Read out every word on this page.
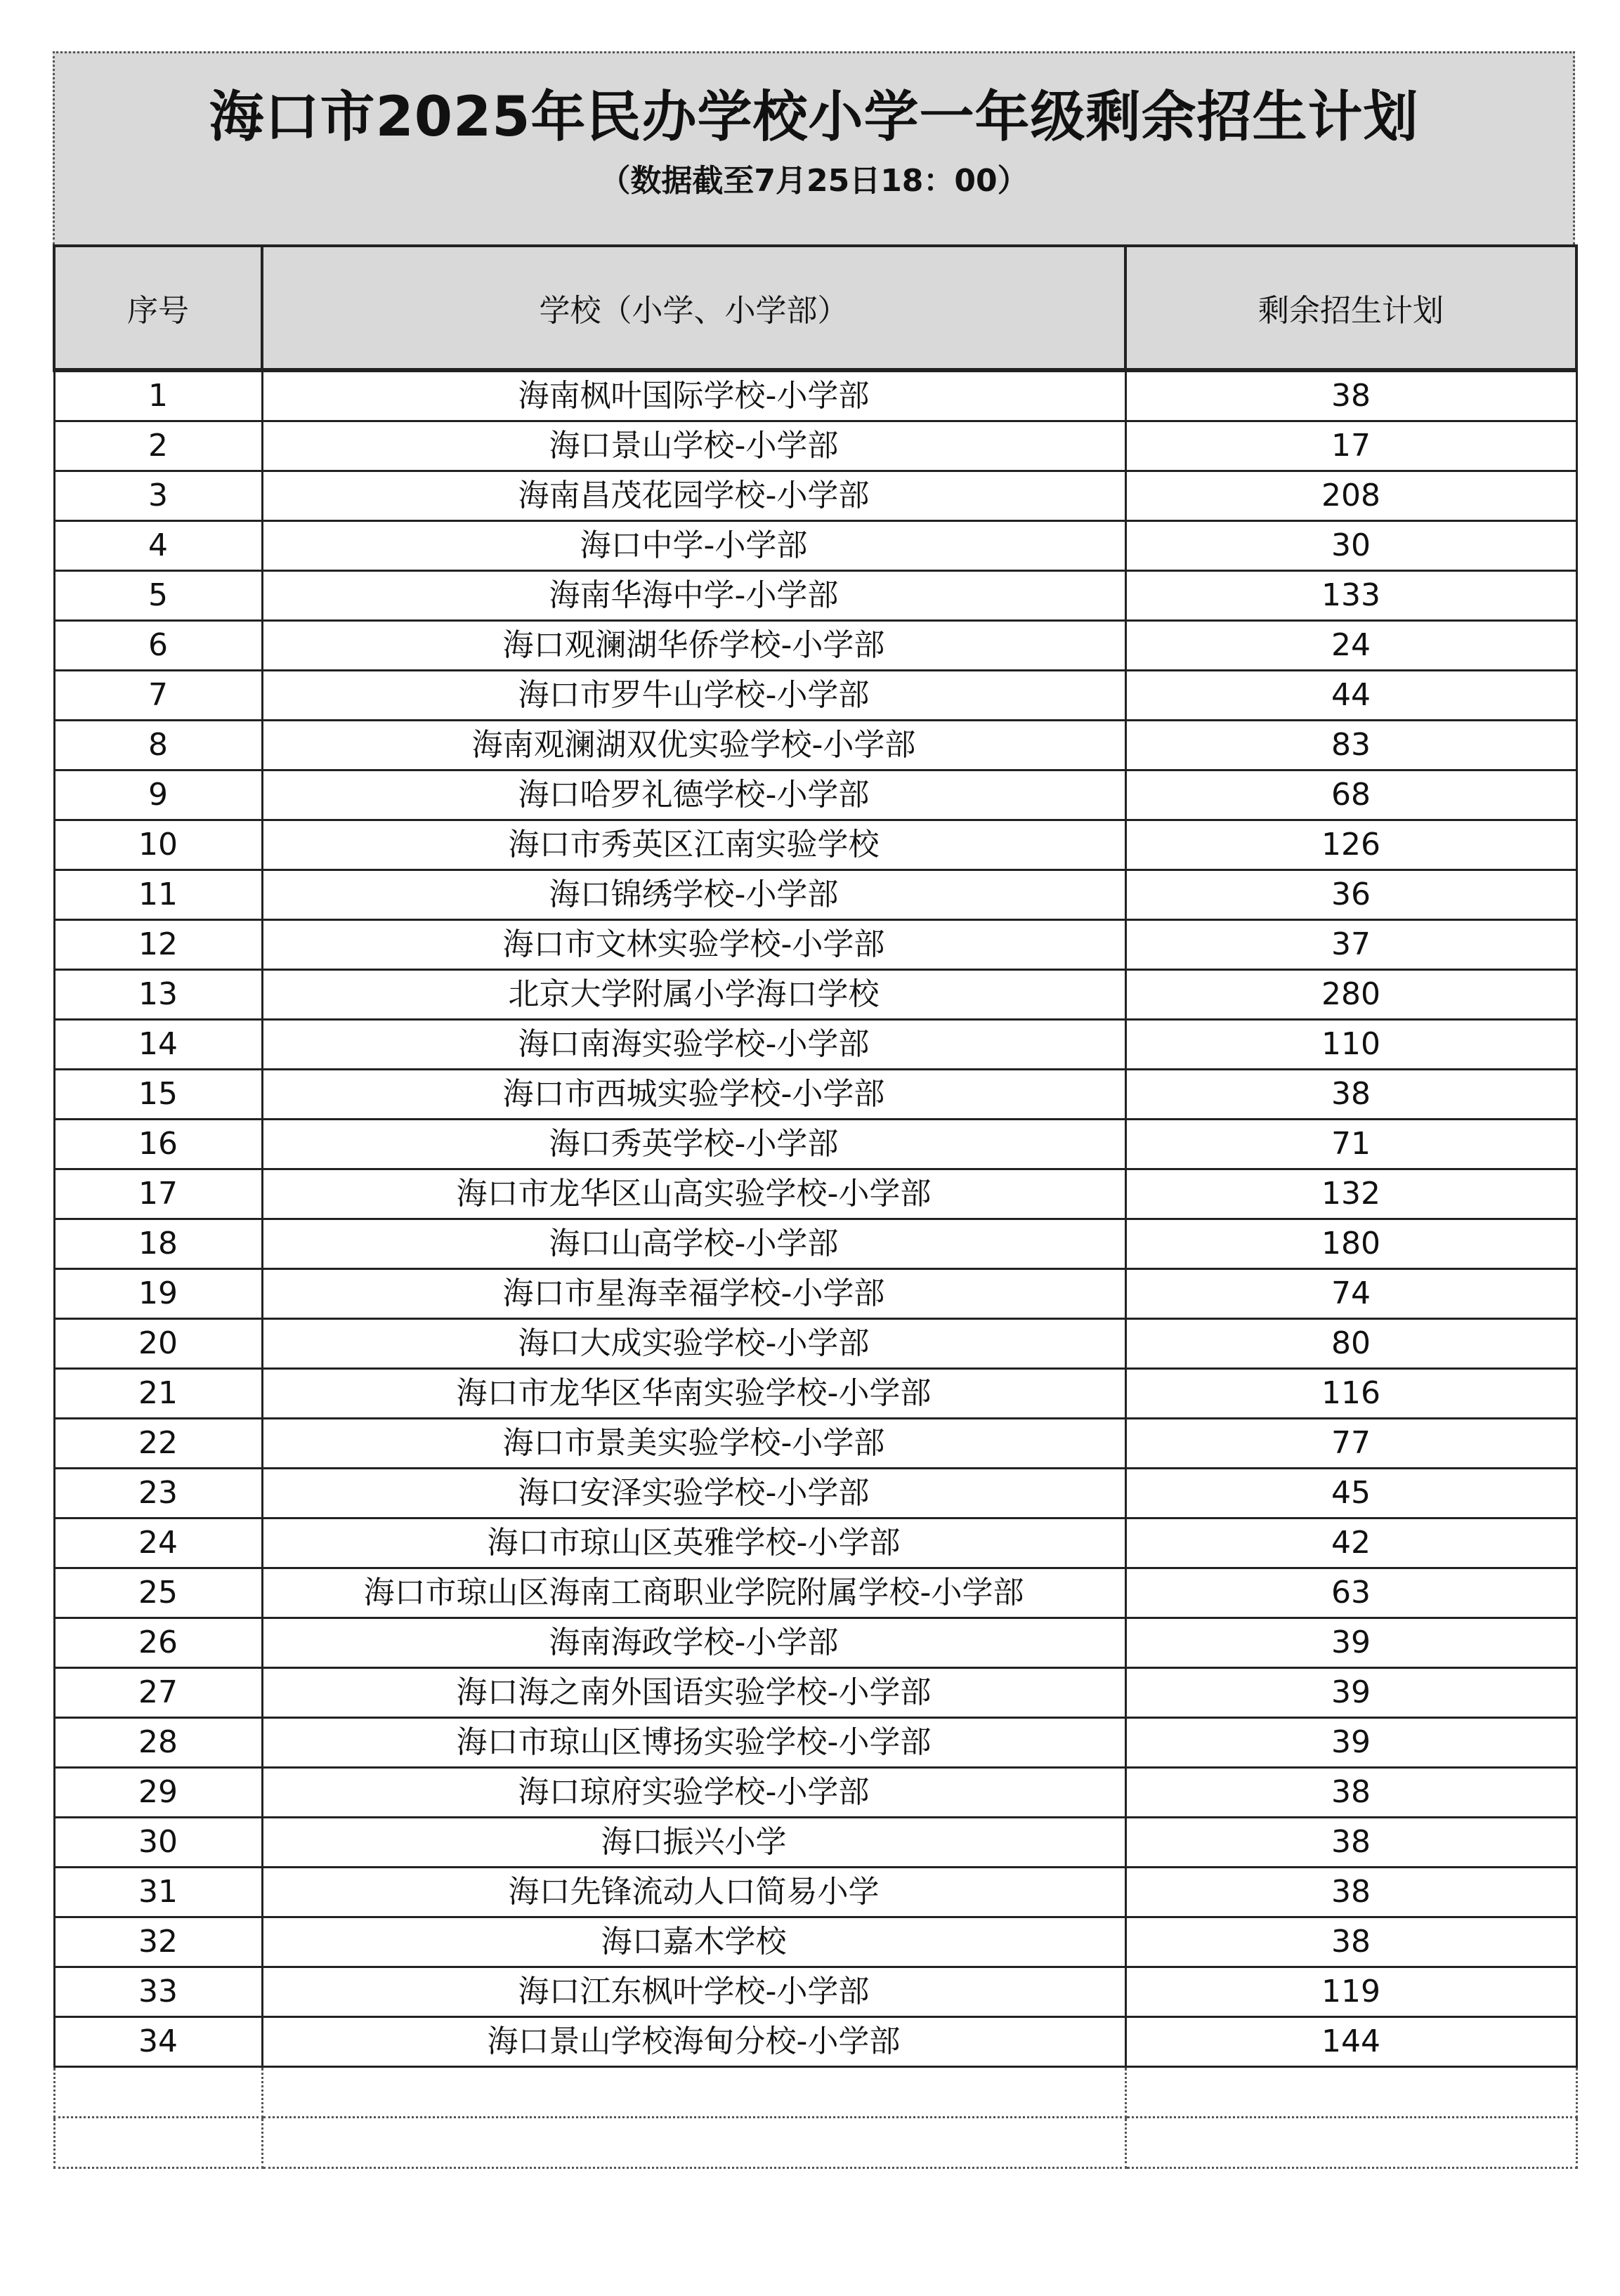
海口市2025年民办学校小学一年级剩余招生计划
（数据截至7月25日18：00）
序号	学校（小学、小学部）	剩余招生计划
1	海南枫叶国际学校-小学部	38
2	海口景山学校-小学部	17
3	海南昌茂花园学校-小学部	208
4	海口中学-小学部	30
5	海南华海中学-小学部	133
6	海口观澜湖华侨学校-小学部	24
7	海口市罗牛山学校-小学部	44
8	海南观澜湖双优实验学校-小学部	83
9	海口哈罗礼德学校-小学部	68
10	海口市秀英区江南实验学校	126
11	海口锦绣学校-小学部	36
12	海口市文林实验学校-小学部	37
13	北京大学附属小学海口学校	280
14	海口南海实验学校-小学部	110
15	海口市西城实验学校-小学部	38
16	海口秀英学校-小学部	71
17	海口市龙华区山高实验学校-小学部	132
18	海口山高学校-小学部	180
19	海口市星海幸福学校-小学部	74
20	海口大成实验学校-小学部	80
21	海口市龙华区华南实验学校-小学部	116
22	海口市景美实验学校-小学部	77
23	海口安泽实验学校-小学部	45
24	海口市琼山区英雅学校-小学部	42
25	海口市琼山区海南工商职业学院附属学校-小学部	63
26	海南海政学校-小学部	39
27	海口海之南外国语实验学校-小学部	39
28	海口市琼山区博扬实验学校-小学部	39
29	海口琼府实验学校-小学部	38
30	海口振兴小学	38
31	海口先锋流动人口简易小学	38
32	海口嘉木学校	38
33	海口江东枫叶学校-小学部	119
34	海口景山学校海甸分校-小学部	144
